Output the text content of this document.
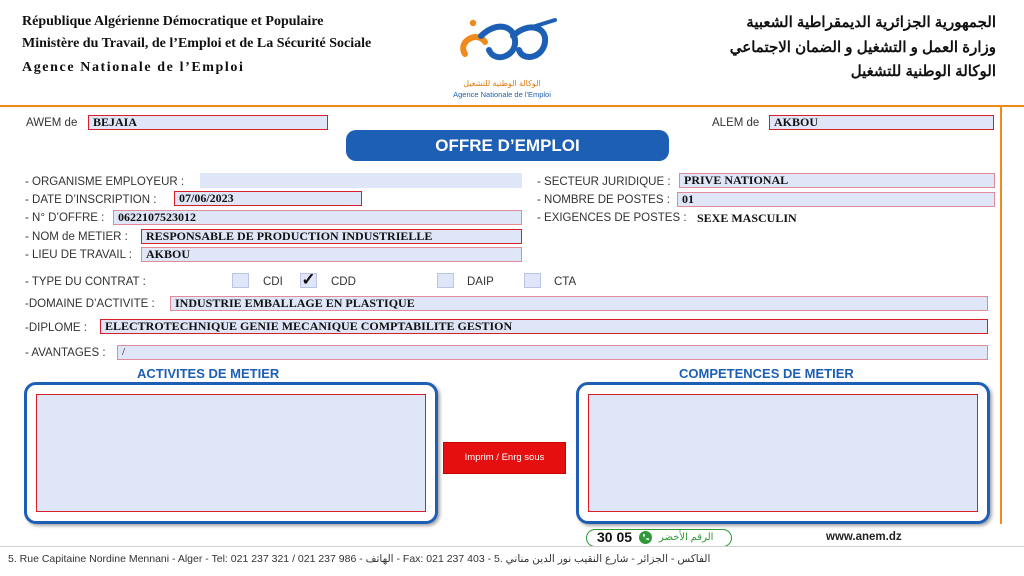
République Algérienne Démocratique et Populaire
Ministère du Travail, de l’Emploi et de La Sécurité Sociale
Agence Nationale de l’Emploi
الجمهورية الجزائرية الديمقراطية الشعبية
وزارة العمل و التشغيل و الضمان الاجتماعي
الوكالة الوطنية للتشغيل
الوكالة الوطنية للتشغيل
Agence Nationale de l'Emploi
AWEM de	BEJAIA	ALEM de	AKBOU
OFFRE D’EMPLOI
- ORGANISME EMPLOYEUR :
- DATE D’INSCRIPTION :	07/06/2023
- N° D’OFFRE :	0622107523012
- NOM de METIER :	RESPONSABLE DE PRODUCTION INDUSTRIELLE
- LIEU DE TRAVAIL :	AKBOU
- SECTEUR JURIDIQUE :	PRIVE NATIONAL
- NOMBRE DE POSTES :	01
- EXIGENCES DE POSTES : SEXE MASCULIN
- TYPE DU CONTRAT :	CDI ✓ CDD	DAIP	CTA
-DOMAINE D’ACTIVITE :	INDUSTRIE EMBALLAGE EN PLASTIQUE
-DIPLOME :	ELECTROTECHNIQUE GENIE MECANIQUE COMPTABILITE GESTION
- AVANTAGES :	/
ACTIVITES DE METIER	COMPETENCES DE METIER
Imprim / Enrg sous
30 05	الرقم الأخضر	www.anem.dz
5. Rue Capitaine Nordine Mennani - Alger - Tel: 021 237 321 / 021 237 986 - الهاتف - Fax: 021 237 403 - الفاكس - الجزائر - شارع النقيب نور الدين مناني .5
